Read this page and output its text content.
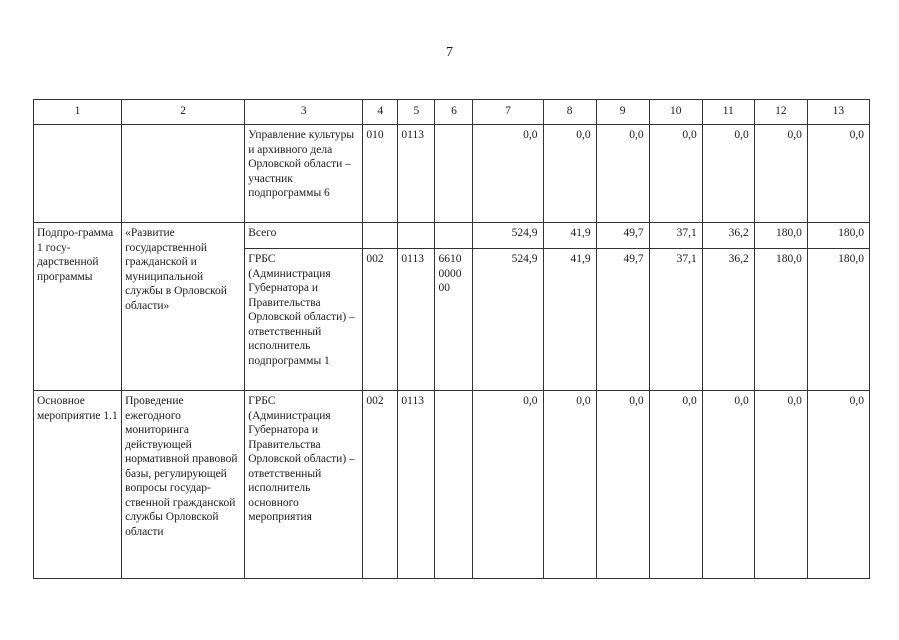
7
1	2	3	4	5	6	7	8	9	10	11	12	13
		Управление культуры и архивного дела Орловской области – участник подпрограммы 6	010	0113		0,0	0,0	0,0	0,0	0,0	0,0	0,0
Подпро-грамма 1 госу-дарственной программы	«Развитие государственной гражданской и муниципальной службы в Орловской области»	Всего				524,9	41,9	49,7	37,1	36,2	180,0	180,0
		ГРБС (Администрация Губернатора и Правительства Орловской области) – ответственный исполнитель подпрограммы 1	002	0113	6610 0000 00	524,9	41,9	49,7	37,1	36,2	180,0	180,0
Основное мероприятие 1.1	Проведение ежегодного мониторинга действующей нормативной правовой базы, регулирующей вопросы государ-ственной гражданской службы Орловской области	ГРБС (Администрация Губернатора и Правительства Орловской области) – ответственный исполнитель основного мероприятия	002	0113		0,0	0,0	0,0	0,0	0,0	0,0	0,0
